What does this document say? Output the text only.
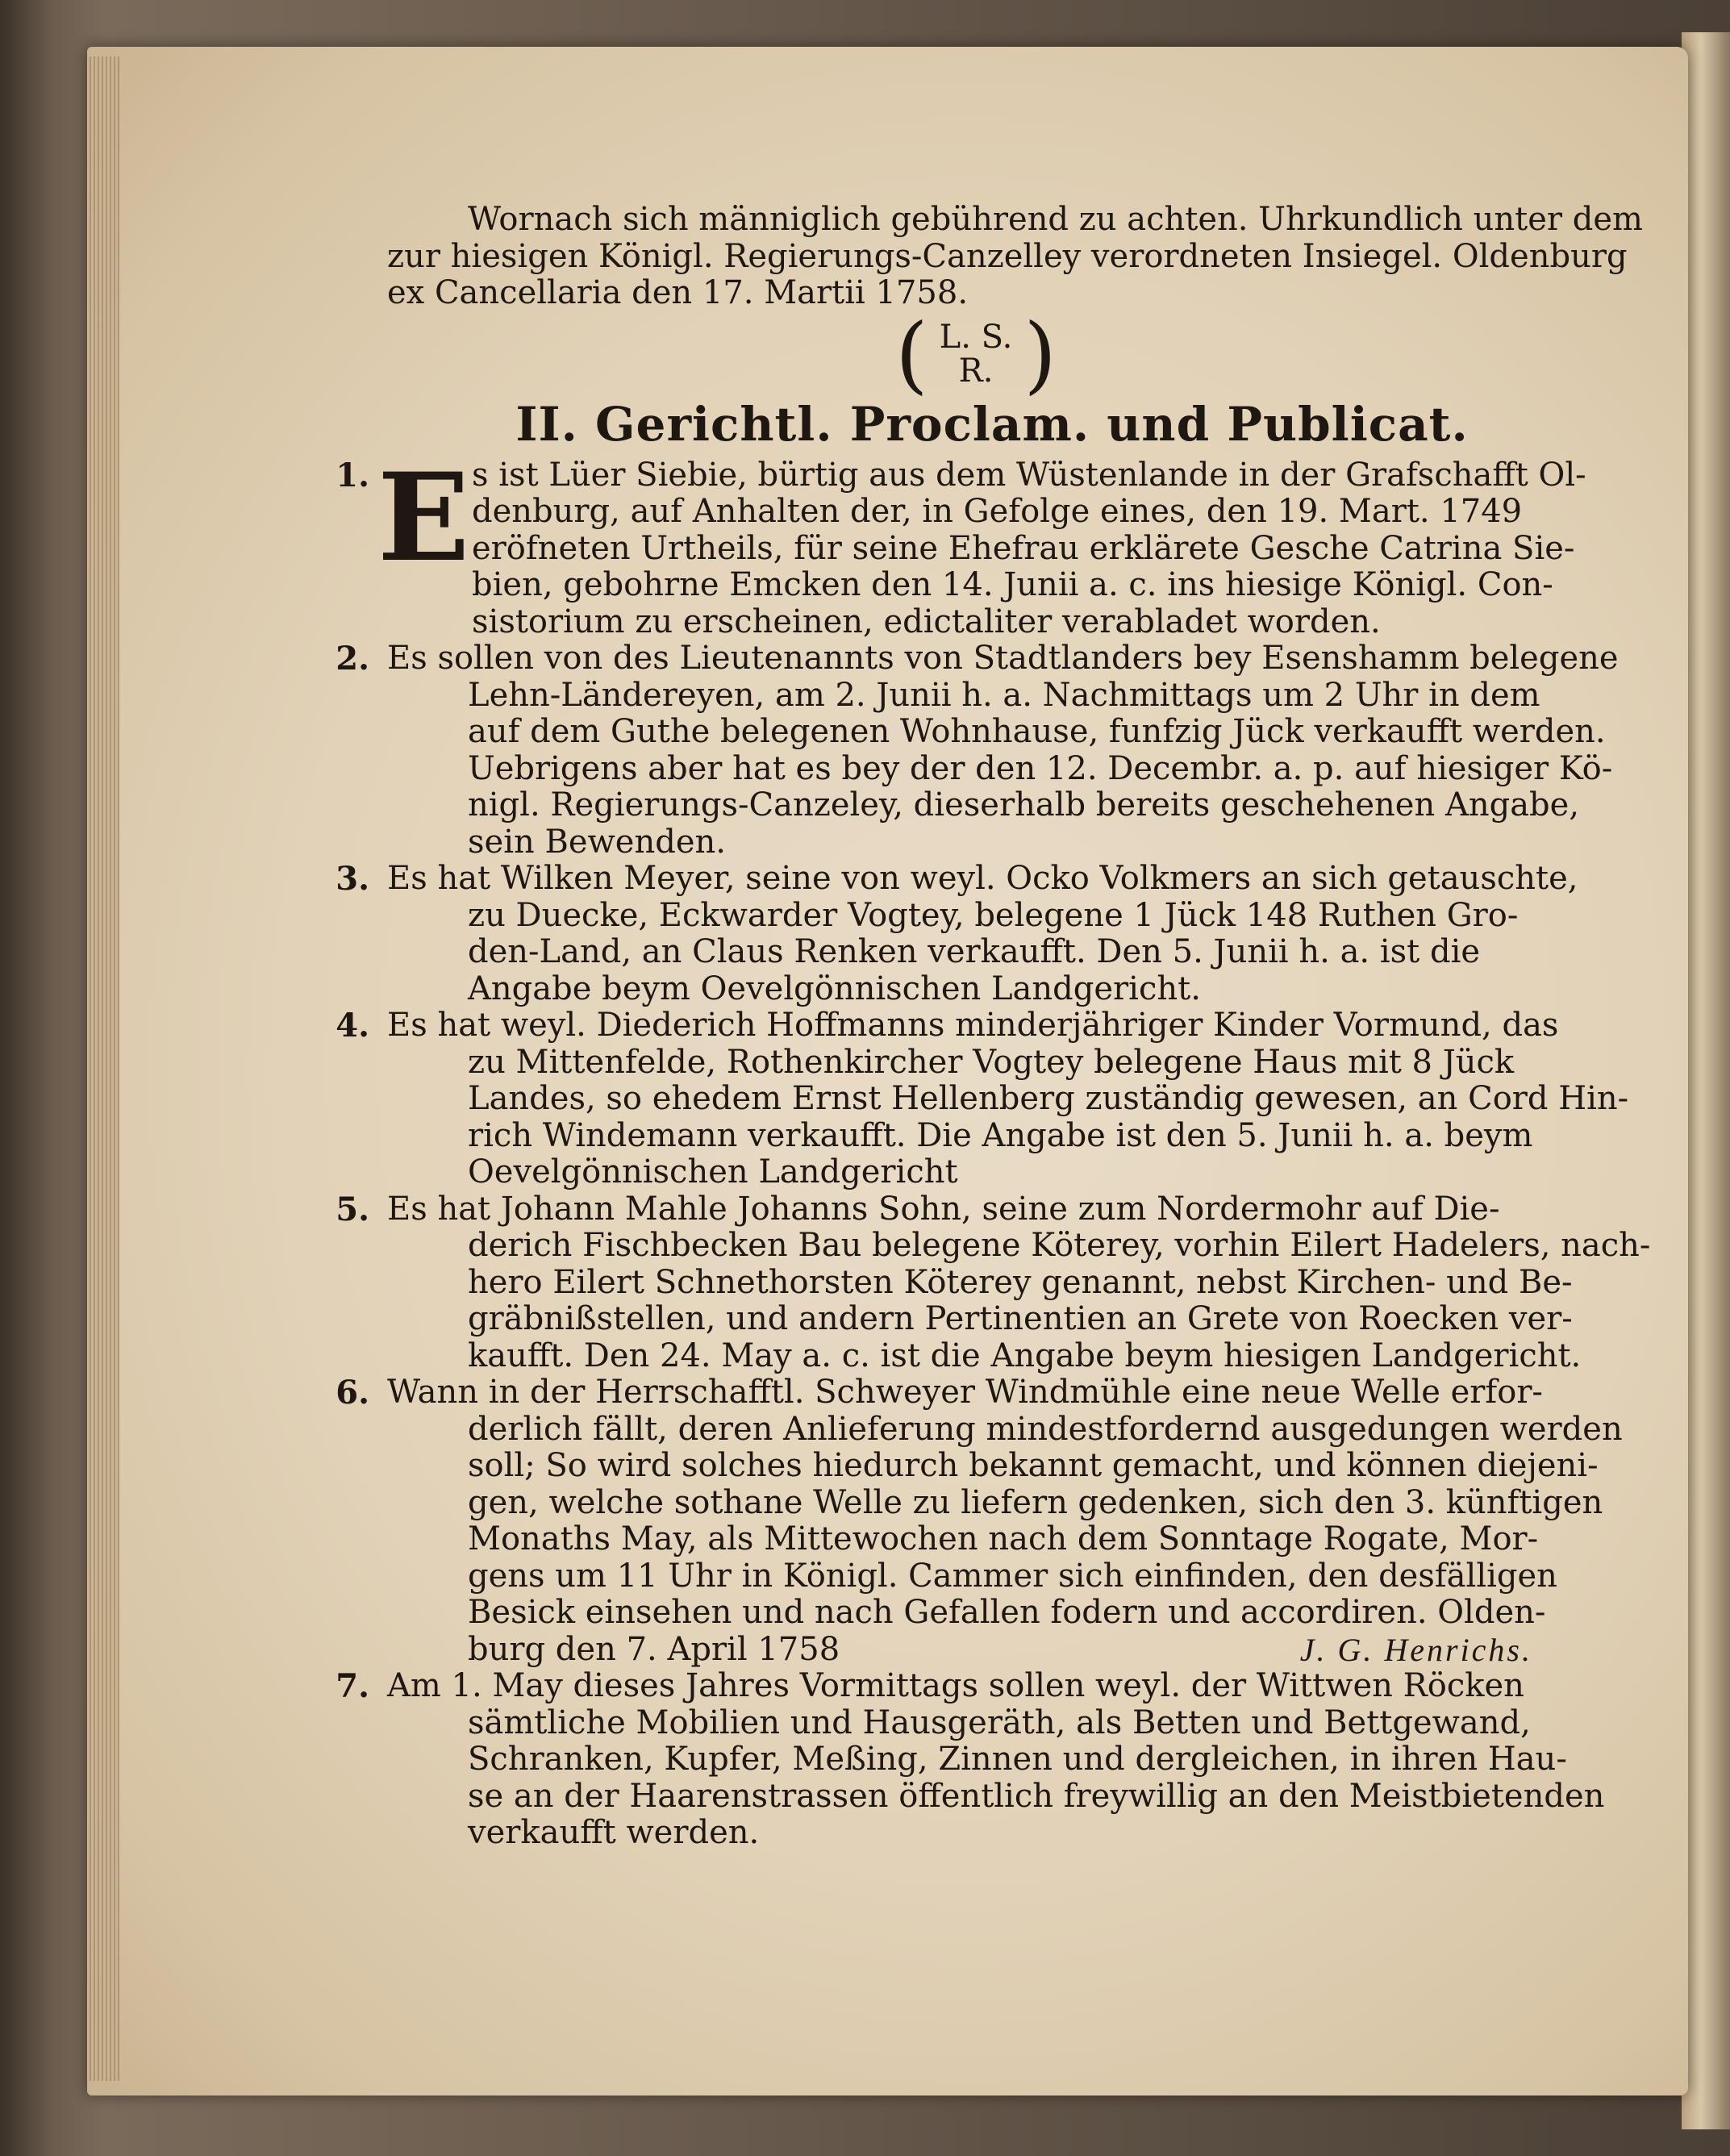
Wornach sich männiglich gebührend zu achten. Uhrkundlich unter dem
zur hiesigen Königl. Regierungs-Canzelley verordneten Insiegel. Oldenburg
ex Cancellaria den 17. Martii 1758.
( L. S.
R. )
II. Gerichtl. Proclam. und Publicat.
1. E s ist Lüer Siebie, bürtig aus dem Wüstenlande in der Grafschafft Ol-
denburg, auf Anhalten der, in Gefolge eines, den 19. Mart. 1749
eröfneten Urtheils, für seine Ehefrau erklärete Gesche Catrina Sie-
bien, gebohrne Emcken den 14. Junii a. c. ins hiesige Königl. Con-
sistorium zu erscheinen, edictaliter verabladet worden.
2. Es sollen von des Lieutenannts von Stadtlanders bey Esenshamm belegene
Lehn-Ländereyen, am 2. Junii h. a. Nachmittags um 2 Uhr in dem
auf dem Guthe belegenen Wohnhause, funfzig Jück verkaufft werden.
Uebrigens aber hat es bey der den 12. Decembr. a. p. auf hiesiger Kö-
nigl. Regierungs-Canzeley, dieserhalb bereits geschehenen Angabe,
sein Bewenden.
3. Es hat Wilken Meyer, seine von weyl. Ocko Volkmers an sich getauschte,
zu Duecke, Eckwarder Vogtey, belegene 1 Jück 148 Ruthen Gro-
den-Land, an Claus Renken verkaufft. Den 5. Junii h. a. ist die
Angabe beym Oevelgönnischen Landgericht.
4. Es hat weyl. Diederich Hoffmanns minderjähriger Kinder Vormund, das
zu Mittenfelde, Rothenkircher Vogtey belegene Haus mit 8 Jück
Landes, so ehedem Ernst Hellenberg zuständig gewesen, an Cord Hin-
rich Windemann verkaufft. Die Angabe ist den 5. Junii h. a. beym
Oevelgönnischen Landgericht
5. Es hat Johann Mahle Johanns Sohn, seine zum Nordermohr auf Die-
derich Fischbecken Bau belegene Köterey, vorhin Eilert Hadelers, nach-
hero Eilert Schnethorsten Köterey genannt, nebst Kirchen- und Be-
gräbnißstellen, und andern Pertinentien an Grete von Roecken ver-
kaufft. Den 24. May a. c. ist die Angabe beym hiesigen Landgericht.
6. Wann in der Herrschafftl. Schweyer Windmühle eine neue Welle erfor-
derlich fällt, deren Anlieferung mindestfordernd ausgedungen werden
soll; So wird solches hiedurch bekannt gemacht, und können diejeni-
gen, welche sothane Welle zu liefern gedenken, sich den 3. künftigen
Monaths May, als Mittewochen nach dem Sonntage Rogate, Mor-
gens um 11 Uhr in Königl. Cammer sich einfinden, den desfälligen
Besick einsehen und nach Gefallen fodern und accordiren. Olden-
burg den 7. April 1758	J. G. Henrichs.
7. Am 1. May dieses Jahres Vormittags sollen weyl. der Wittwen Röcken
sämtliche Mobilien und Hausgeräth, als Betten und Bettgewand,
Schranken, Kupfer, Meßing, Zinnen und dergleichen, in ihren Hau-
se an der Haarenstrassen öffentlich freywillig an den Meistbietenden
verkaufft werden.
